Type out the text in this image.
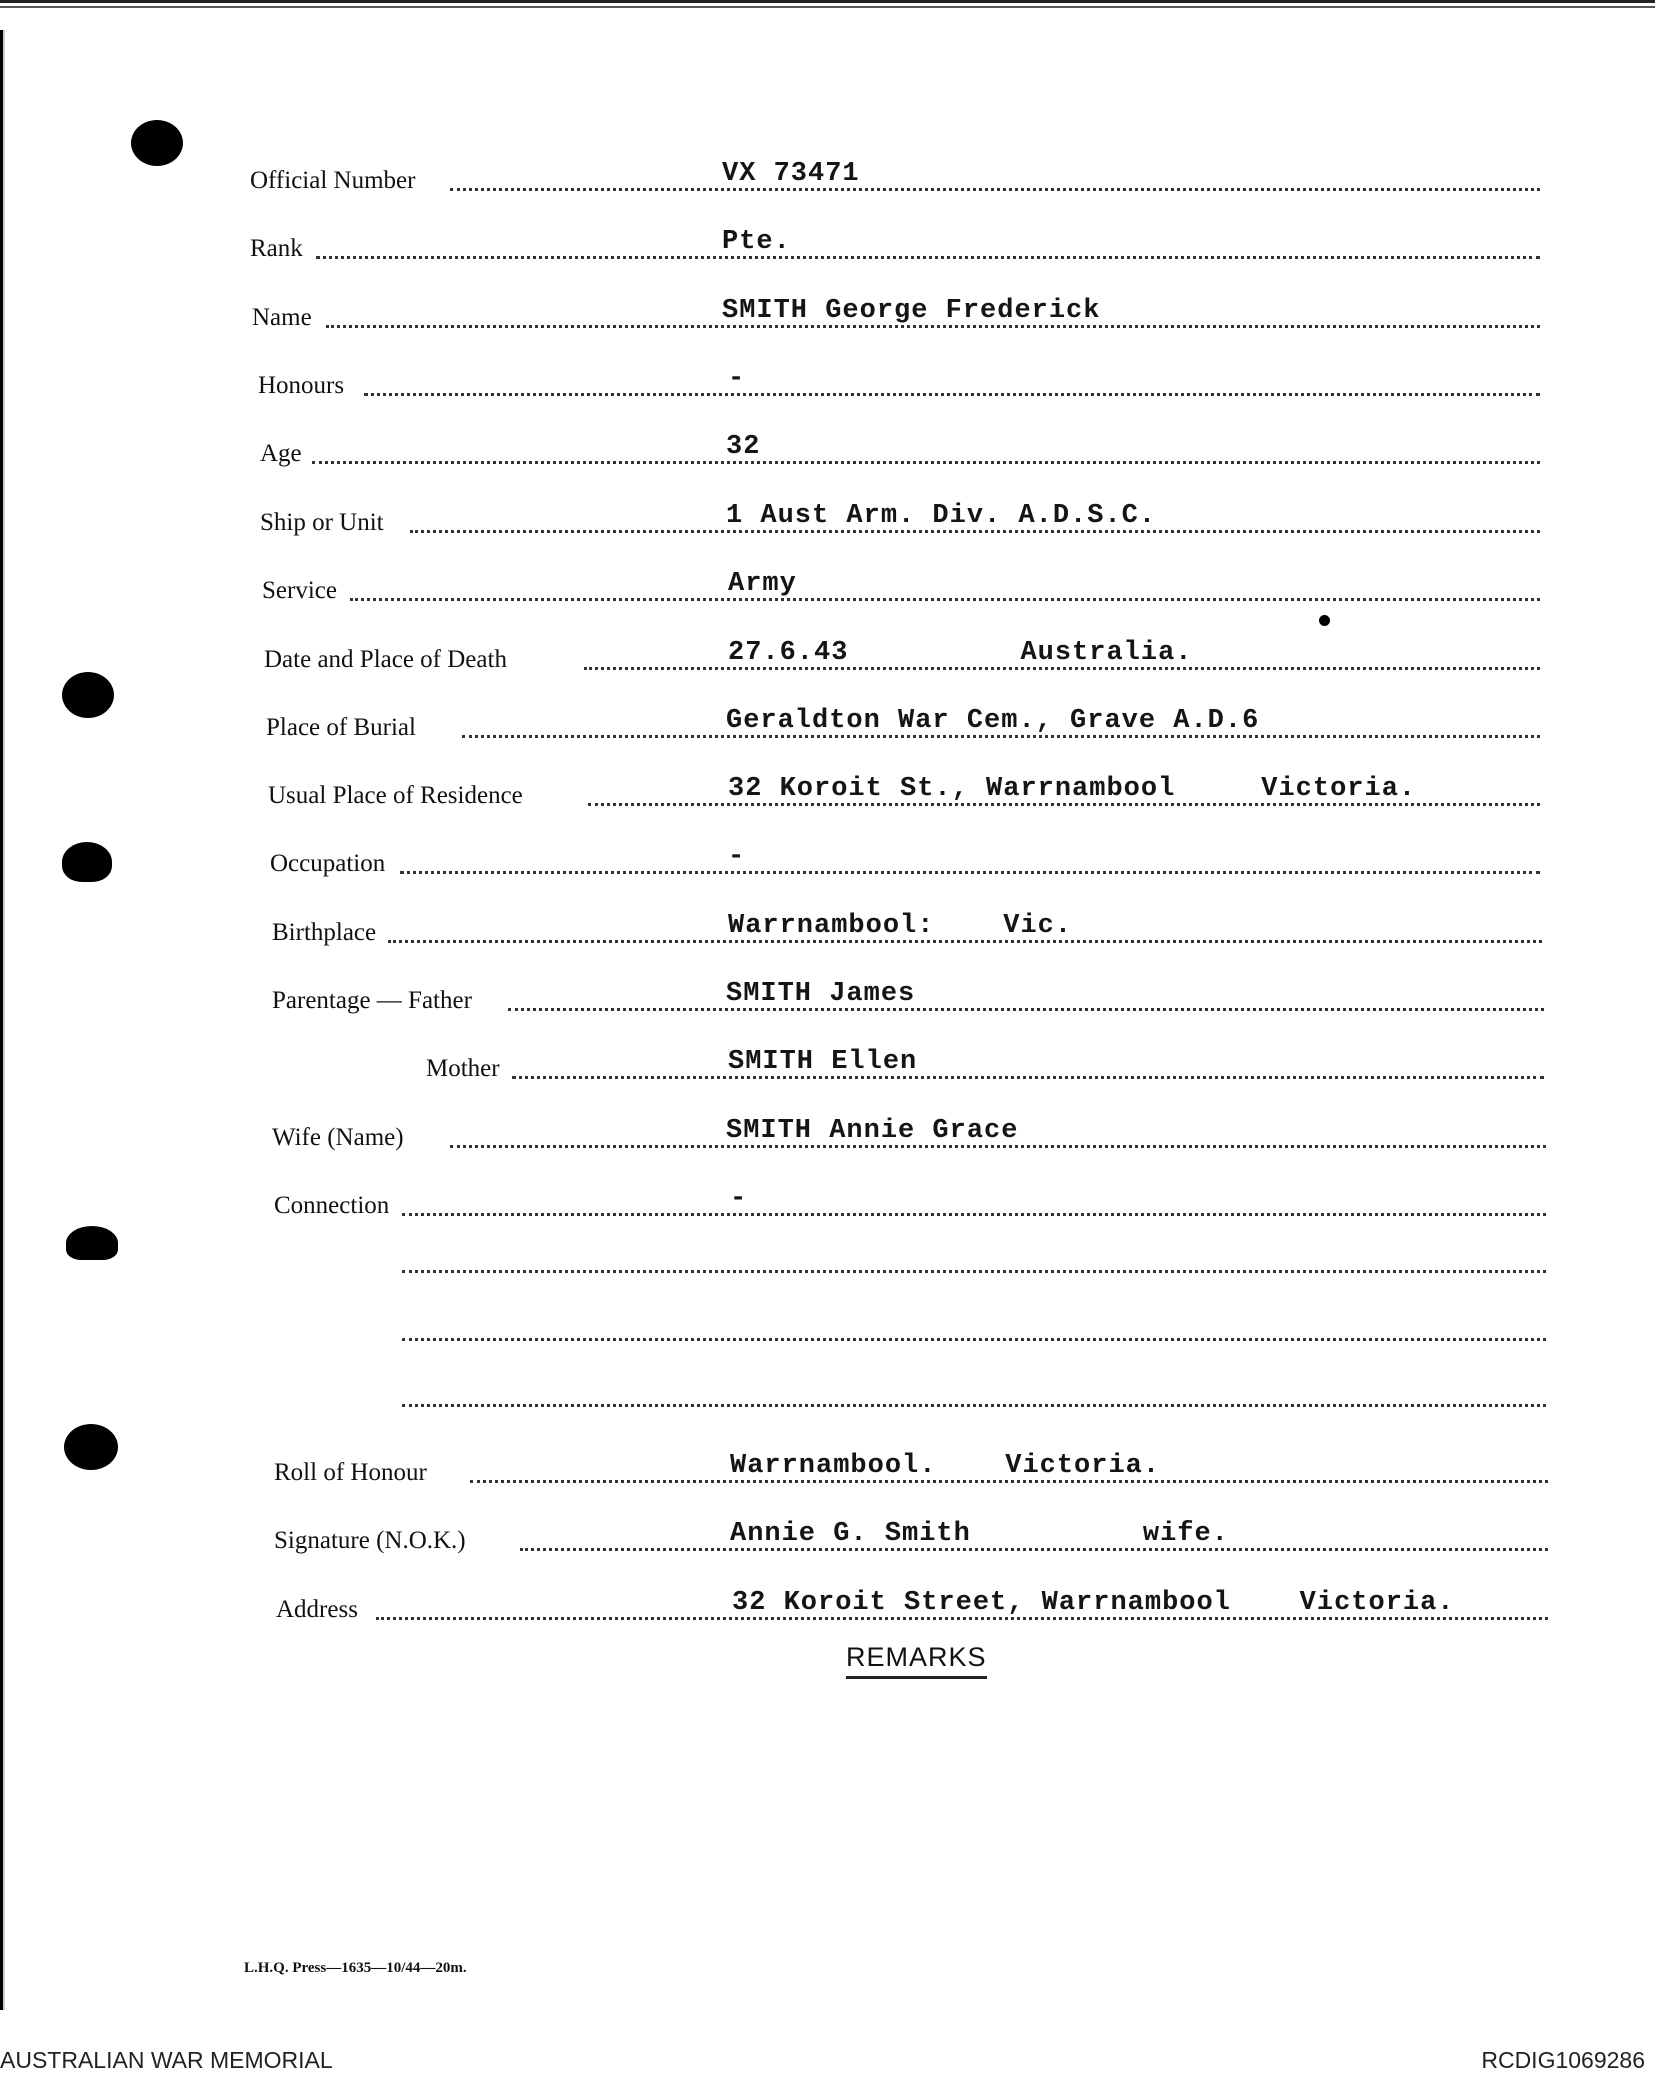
Official Number	VX 73471
Rank	Pte.
Name	SMITH George Frederick
Honours	-
Age	32
Ship or Unit	1 Aust Arm. Div. A.D.S.C.
Service	Army
Date and Place of Death	27.6.43          Australia.
Place of Burial	Geraldton War Cem., Grave A.D.6
Usual Place of Residence	32 Koroit St., Warrnambool     Victoria.
Occupation	-
Birthplace	Warrnambool:    Vic.
Parentage — Father	SMITH James
Mother	SMITH Ellen
Wife (Name)	SMITH Annie Grace
Connection	-
Roll of Honour	Warrnambool.    Victoria.
Signature (N.O.K.)	Annie G. Smith          wife.
Address	32 Koroit Street, Warrnambool    Victoria.
REMARKS
L.H.Q. Press—1635—10/44—20m.
AUSTRALIAN WAR MEMORIAL	RCDIG1069286
